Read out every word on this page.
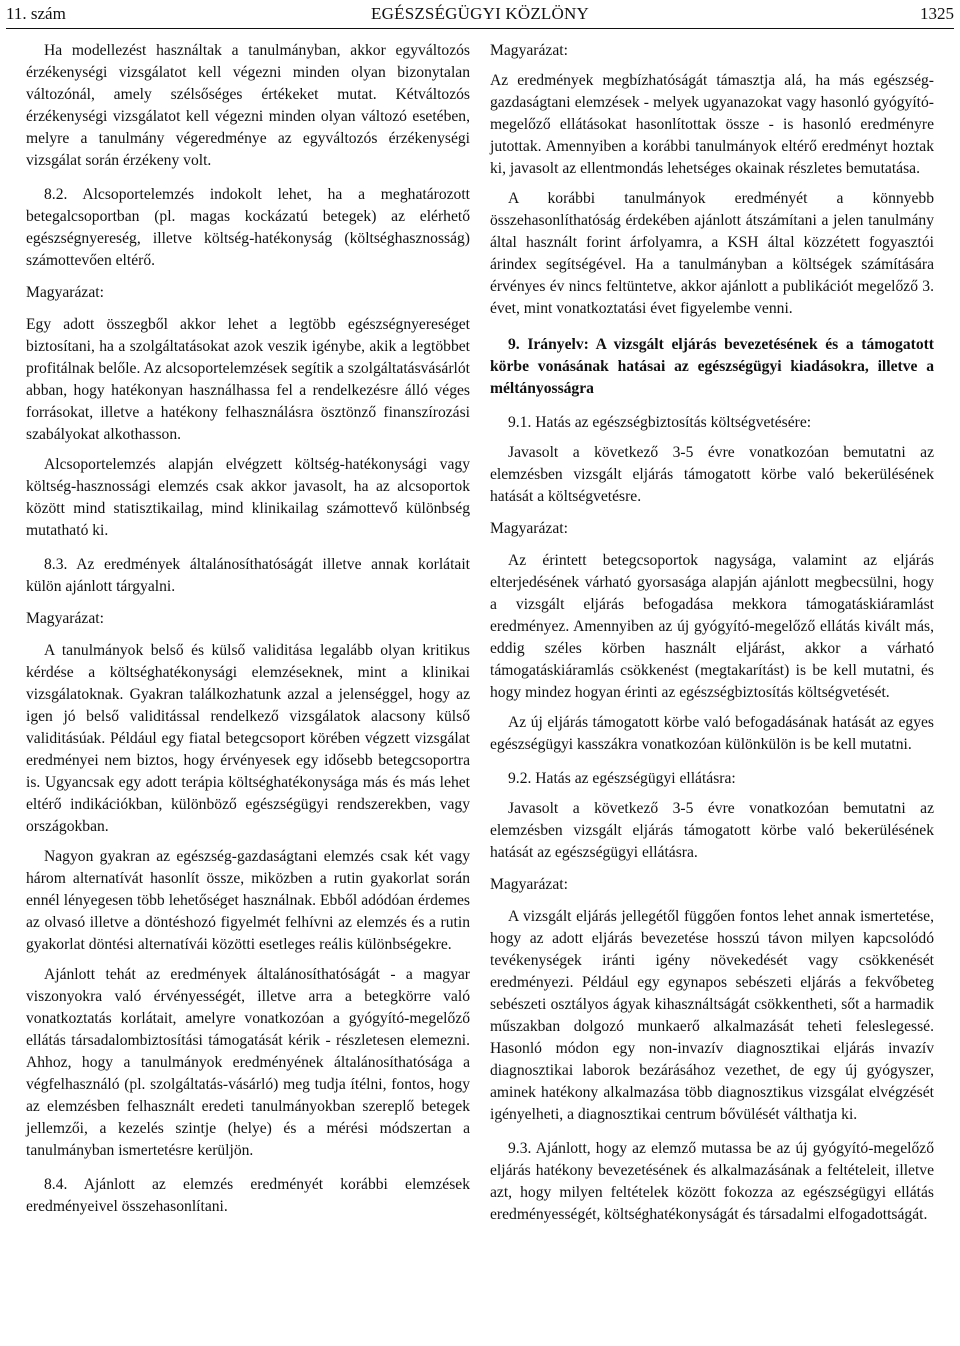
11. szám	EGÉSZSÉGÜGYI KÖZLÖNY	1325

Ha modellezést használtak a tanulmányban, akkor egyváltozós érzékenységi vizsgálatot kell végezni minden olyan bizonytalan változónál, amely szélsőséges értékeket mutat. Kétváltozós érzékenységi vizsgálatot kell végezni minden olyan változó esetében, melyre a tanulmány végeredménye az egyváltozós érzékenységi vizsgálat során érzékeny volt.

8.2. Alcsoportelemzés indokolt lehet, ha a meghatározott betegalcsoportban (pl. magas kockázatú betegek) az elérhető egészségnyereség, illetve költség-hatékonyság (költséghasznosság) számottevően eltérő.

Magyarázat:

Egy adott összegből akkor lehet a legtöbb egészségnyereséget biztosítani, ha a szolgáltatásokat azok veszik igénybe, akik a legtöbbet profitálnak belőle. Az alcsoportelemzések segítik a szolgáltatásvásárlót abban, hogy hatékonyan használhassa fel a rendelkezésre álló véges forrásokat, illetve a hatékony felhasználásra ösztönző finanszírozási szabályokat alkothasson.

Alcsoportelemzés alapján elvégzett költség-hatékonysági vagy költség-hasznossági elemzés csak akkor javasolt, ha az alcsoportok között mind statisztikailag, mind klinikailag számottevő különbség mutatható ki.

8.3. Az eredmények általánosíthatóságát illetve annak korlátait külön ajánlott tárgyalni.

Magyarázat:

A tanulmányok belső és külső validitása legalább olyan kritikus kérdése a költséghatékonysági elemzéseknek, mint a klinikai vizsgálatoknak. Gyakran találkozhatunk azzal a jelenséggel, hogy az igen jó belső validitással rendelkező vizsgálatok alacsony külső validitásúak. Például egy fiatal betegcsoport körében végzett vizsgálat eredményei nem biztos, hogy érvényesek egy idősebb betegcsoportra is. Ugyancsak egy adott terápia költséghatékonysága más és más lehet eltérő indikációkban, különböző egészségügyi rendszerekben, vagy országokban.

Nagyon gyakran az egészség-gazdaságtani elemzés csak két vagy három alternatívát hasonlít össze, miközben a rutin gyakorlat során ennél lényegesen több lehetőséget használnak. Ebből adódóan érdemes az olvasó illetve a döntéshozó figyelmét felhívni az elemzés és a rutin gyakorlat döntési alternatívái közötti esetleges reális különbségekre.

Ajánlott tehát az eredmények általánosíthatóságát - a magyar viszonyokra való érvényességét, illetve arra a betegkörre való vonatkoztatás korlátait, amelyre vonatkozóan a gyógyító-megelőző ellátás társadalombiztosítási támogatását kérik - részletesen elemezni. Ahhoz, hogy a tanulmányok eredményének általánosíthatósága a végfelhasználó (pl. szolgáltatás-vásárló) meg tudja ítélni, fontos, hogy az elemzésben felhasznált eredeti tanulmányokban szereplő betegek jellemzői, a kezelés szintje (helye) és a mérési módszertan a tanulmányban ismertetésre kerüljön.

8.4. Ajánlott az elemzés eredményét korábbi elemzések eredményeivel összehasonlítani.

Magyarázat:

Az eredmények megbízhatóságát támasztja alá, ha más egészség-gazdaságtani elemzések - melyek ugyanazokat vagy hasonló gyógyító-megelőző ellátásokat hasonlítottak össze - is hasonló eredményre jutottak. Amennyiben a korábbi tanulmányok eltérő eredményt hoztak ki, javasolt az ellentmondás lehetséges okainak részletes bemutatása.

A korábbi tanulmányok eredményét a könnyebb összehasonlíthatóság érdekében ajánlott átszámítani a jelen tanulmány által használt forint árfolyamra, a KSH által közzétett fogyasztói árindex segítségével. Ha a tanulmányban a költségek számítására érvényes év nincs feltüntetve, akkor ajánlott a publikációt megelőző 3. évet, mint vonatkoztatási évet figyelembe venni.

9. Irányelv: A vizsgált eljárás bevezetésének és a támogatott körbe vonásának hatásai az egészségügyi kiadásokra, illetve a méltányosságra

9.1. Hatás az egészségbiztosítás költségvetésére:

Javasolt a következő 3-5 évre vonatkozóan bemutatni az elemzésben vizsgált eljárás támogatott körbe való bekerülésének hatását a költségvetésre.

Magyarázat:

Az érintett betegcsoportok nagysága, valamint az eljárás elterjedésének várható gyorsasága alapján ajánlott megbecsülni, hogy a vizsgált eljárás befogadása mekkora támogatáskiáramlást eredményez. Amennyiben az új gyógyító-megelőző ellátás kivált más, eddig széles körben használt eljárást, akkor a várható támogatáskiáramlás csökkenést (megtakarítást) is be kell mutatni, és hogy mindez hogyan érinti az egészségbiztosítás költségvetését.

Az új eljárás támogatott körbe való befogadásának hatását az egyes egészségügyi kasszákra vonatkozóan különkülön is be kell mutatni.

9.2. Hatás az egészségügyi ellátásra:

Javasolt a következő 3-5 évre vonatkozóan bemutatni az elemzésben vizsgált eljárás támogatott körbe való bekerülésének hatását az egészségügyi ellátásra.

Magyarázat:

A vizsgált eljárás jellegétől függően fontos lehet annak ismertetése, hogy az adott eljárás bevezetése hosszú távon milyen kapcsolódó tevékenységek iránti igény növekedését vagy csökkenését eredményezi. Például egy egynapos sebészeti eljárás a fekvőbeteg sebészeti osztályos ágyak kihasználtságát csökkentheti, sőt a harmadik műszakban dolgozó munkaerő alkalmazását teheti feleslegessé. Hasonló módon egy non-invazív diagnosztikai eljárás invazív diagnosztikai laborok bezárásához vezethet, de egy új gyógyszer, aminek hatékony alkalmazása több diagnosztikus vizsgálat elvégzését igényelheti, a diagnosztikai centrum bővülését válthatja ki.

9.3. Ajánlott, hogy az elemző mutassa be az új gyógyító-megelőző eljárás hatékony bevezetésének és alkalmazásának a feltételeit, illetve azt, hogy milyen feltételek között fokozza az egészségügyi ellátás eredményességét, költséghatékonyságát és társadalmi elfogadottságát.
